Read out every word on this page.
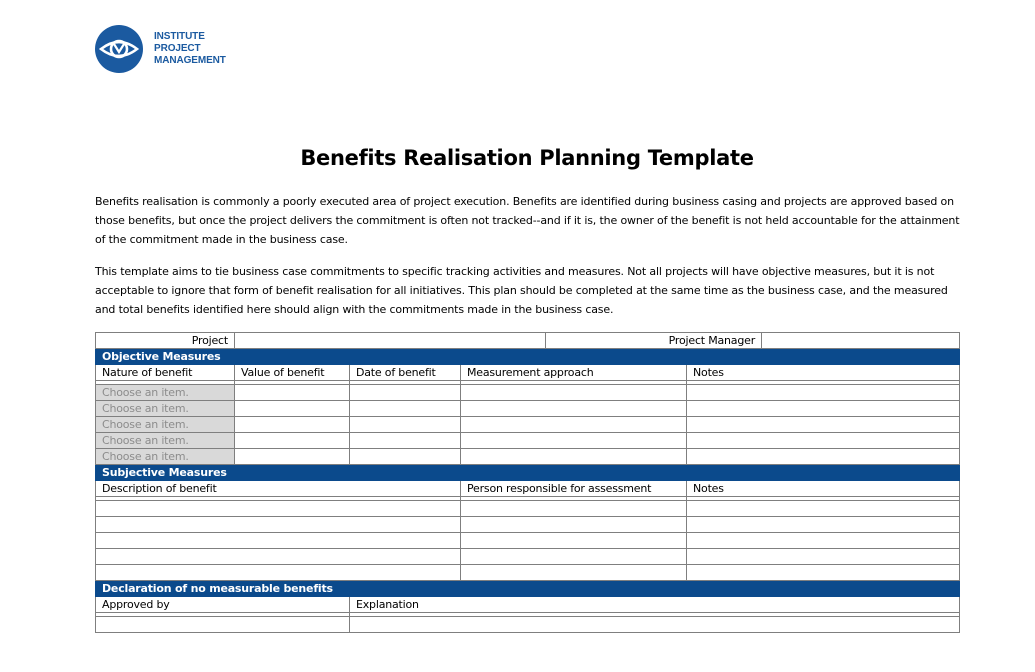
INSTITUTE
PROJECT
MANAGEMENT
Benefits Realisation Planning Template

Benefits realisation is commonly a poorly executed area of project execution. Benefits are identified during business casing and projects are approved based on those benefits, but once the project delivers the commitment is often not tracked--and if it is, the owner of the benefit is not held accountable for the attainment of the commitment made in the business case.

This template aims to tie business case commitments to specific tracking activities and measures. Not all projects will have objective measures, but it is not acceptable to ignore that form of benefit realisation for all initiatives. This plan should be completed at the same time as the business case, and the measured and total benefits identified here should align with the commitments made in the business case.

Project				Project Manager		
Objective Measures						
Nature of benefit	Value of benefit	Date of benefit	Measurement approach		Notes	

Choose an item.						
Choose an item.						
Choose an item.						
Choose an item.						
Choose an item.						
Subjective Measures						
Description of benefit			Person responsible for assessment		Notes	

Declaration of no measurable benefits						
Approved by		Explanation				
